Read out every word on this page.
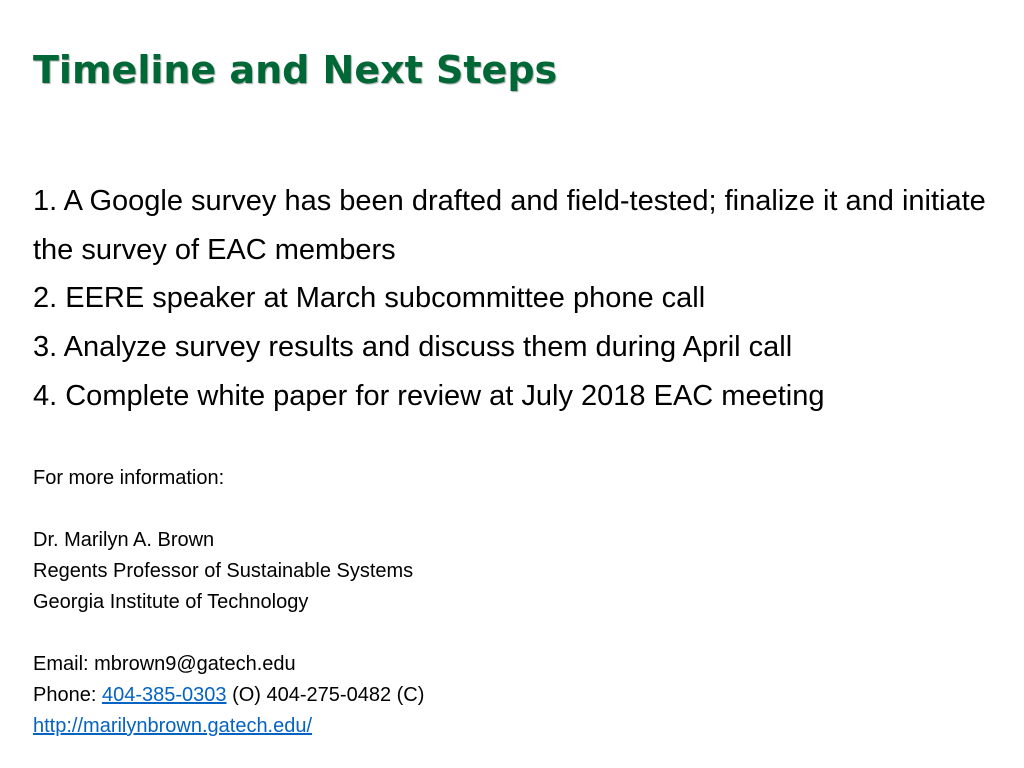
Timeline and Next Steps
1. A Google survey has been drafted and field-tested; finalize it and initiate the survey of EAC members
2. EERE speaker at March subcommittee phone call
3. Analyze survey results and discuss them during April call
4. Complete white paper for review at July 2018 EAC meeting
For more information:
Dr. Marilyn A. Brown
Regents Professor of Sustainable Systems
Georgia Institute of Technology
Email: mbrown9@gatech.edu
Phone: 404-385-0303 (O) 404-275-0482 (C)
http://marilynbrown.gatech.edu/
